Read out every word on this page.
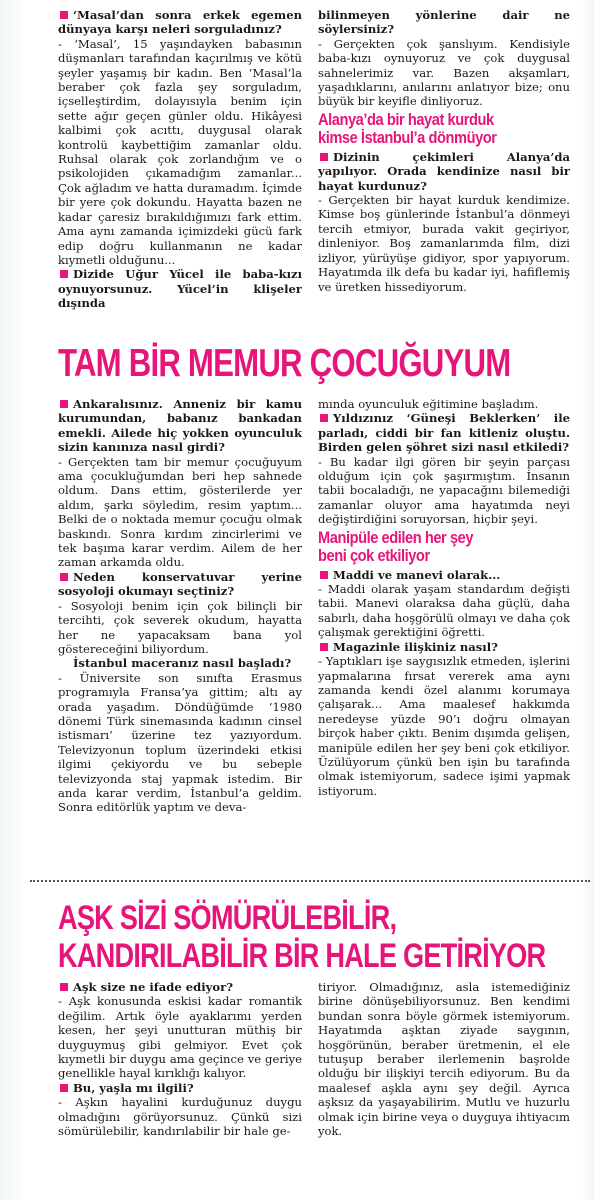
‘Masal’dan sonra erkek egemen dünyaya karşı neleri sorguladınız?

- ‘Masal’, 15 yaşındayken babasının düşmanları tarafından kaçırılmış ve kötü şeyler yaşamış bir kadın. Ben ‘Masal’la beraber çok fazla şey sorguladım, içselleştirdim, dolayısıyla benim için sette ağır geçen günler oldu. Hikâyesi kalbimi çok acıttı, duygusal olarak kontrolü kaybettiğim zamanlar oldu. Ruhsal olarak çok zorlandığım ve o psikolojiden çıkamadığım zamanlar... Çok ağladım ve hatta duramadım. İçimde bir yere çok dokundu. Hayatta bazen ne kadar çaresiz bırakıldığımızı fark ettim. Ama aynı zamanda içimizdeki gücü fark edip doğru kullanmanın ne kadar kıymetli olduğunu...

Dizide Uğur Yücel ile baba-kızı oynuyorsunuz. Yücel’in klişeler dışında

bilinmeyen yönlerine dair ne söylersiniz?

- Gerçekten çok şanslıyım. Kendisiyle baba-kızı oynuyoruz ve çok duygusal sahnelerimiz var. Bazen akşamları, yaşadıklarını, anılarını anlatıyor bize; onu büyük bir keyifle dinliyoruz.

Alanya’da bir hayat kurduk
kimse İstanbul’a dönmüyor

Dizinin çekimleri Alanya’da yapılıyor. Orada kendinize nasıl bir hayat kurdunuz?

- Gerçekten bir hayat kurduk kendimize. Kimse boş günlerinde İstanbul’a dönmeyi tercih etmiyor, burada vakit geçiriyor, dinleniyor. Boş zamanlarımda film, dizi izliyor, yürüyüşe gidiyor, spor yapıyorum. Hayatımda ilk defa bu kadar iyi, hafiflemiş ve üretken hissediyorum.

TAM BİR MEMUR ÇOCUĞUYUM

Ankaralısınız. Anneniz bir kamu kurumundan, babanız bankadan emekli. Ailede hiç yokken oyunculuk sizin kanınıza nasıl girdi?

- Gerçekten tam bir memur çocuğuyum ama çocukluğumdan beri hep sahnede oldum. Dans ettim, gösterilerde yer aldım, şarkı söyledim, resim yaptım... Belki de o noktada memur çocuğu olmak baskındı. Sonra kırdım zincirlerimi ve tek başıma karar verdim. Ailem de her zaman arkamda oldu.

Neden konservatuvar yerine sosyoloji okumayı seçtiniz?

- Sosyoloji benim için çok bilinçli bir tercihti, çok severek okudum, hayatta her ne yapacaksam bana yol göstereceğini biliyordum.

İstanbul maceranız nasıl başladı?

- Üniversite son sınıfta Erasmus programıyla Fransa’ya gittim; altı ay orada yaşadım. Döndüğümde ‘1980 dönemi Türk sinemasında kadının cinsel istismarı’ üzerine tez yazıyordum. Televizyonun toplum üzerindeki etkisi ilgimi çekiyordu ve bu sebeple televizyonda staj yapmak istedim. Bir anda karar verdim, İstanbul’a geldim. Sonra editörlük yaptım ve deva-

mında oyunculuk eğitimine başladım.

Yıldızınız ‘Güneşi Beklerken’ ile parladı, ciddi bir fan kitleniz oluştu. Birden gelen şöhret sizi nasıl etkiledi?

- Bu kadar ilgi gören bir şeyin parçası olduğum için çok şaşırmıştım. İnsanın tabii bocaladığı, ne yapacağını bilemediği zamanlar oluyor ama hayatımda neyi değiştirdiğini soruyorsan, hiçbir şeyi.

Manipüle edilen her şey
beni çok etkiliyor

Maddi ve manevi olarak...

- Maddi olarak yaşam standardım değişti tabii. Manevi olaraksa daha güçlü, daha sabırlı, daha hoşgörülü olmayı ve daha çok çalışmak gerektiğini öğretti.

Magazinle ilişkiniz nasıl?

- Yaptıkları işe saygısızlık etmeden, işlerini yapmalarına fırsat vererek ama aynı zamanda kendi özel alanımı korumaya çalışarak... Ama maalesef hakkımda neredeyse yüzde 90’ı doğru olmayan birçok haber çıktı. Benim dışımda gelişen, manipüle edilen her şey beni çok etkiliyor. Üzülüyorum çünkü ben işin bu tarafında olmak istemiyorum, sadece işimi yapmak istiyorum.

AŞK SİZİ SÖMÜRÜLEBİLİR,
KANDIRILABİLİR BİR HALE GETİRİYOR

Aşk size ne ifade ediyor?

- Aşk konusunda eskisi kadar romantik değilim. Artık öyle ayaklarımı yerden kesen, her şeyi unutturan müthiş bir duyguymuş gibi gelmiyor. Evet çok kıymetli bir duygu ama geçince ve geriye genellikle hayal kırıklığı kalıyor.

Bu, yaşla mı ilgili?

- Aşkın hayalini kurduğunuz duygu olmadığını görüyorsunuz. Çünkü sizi sömürülebilir, kandırılabilir bir hale ge-

tiriyor. Olmadığınız, asla istemediğiniz birine dönüşebiliyorsunuz. Ben kendimi bundan sonra böyle görmek istemiyorum. Hayatımda aşktan ziyade saygının, hoşgörünün, beraber üretmenin, el ele tutuşup beraber ilerlemenin başrolde olduğu bir ilişkiyi tercih ediyorum. Bu da maalesef aşkla aynı şey değil. Ayrıca aşksız da yaşayabilirim. Mutlu ve huzurlu olmak için birine veya o duyguya ihtiyacım yok.
